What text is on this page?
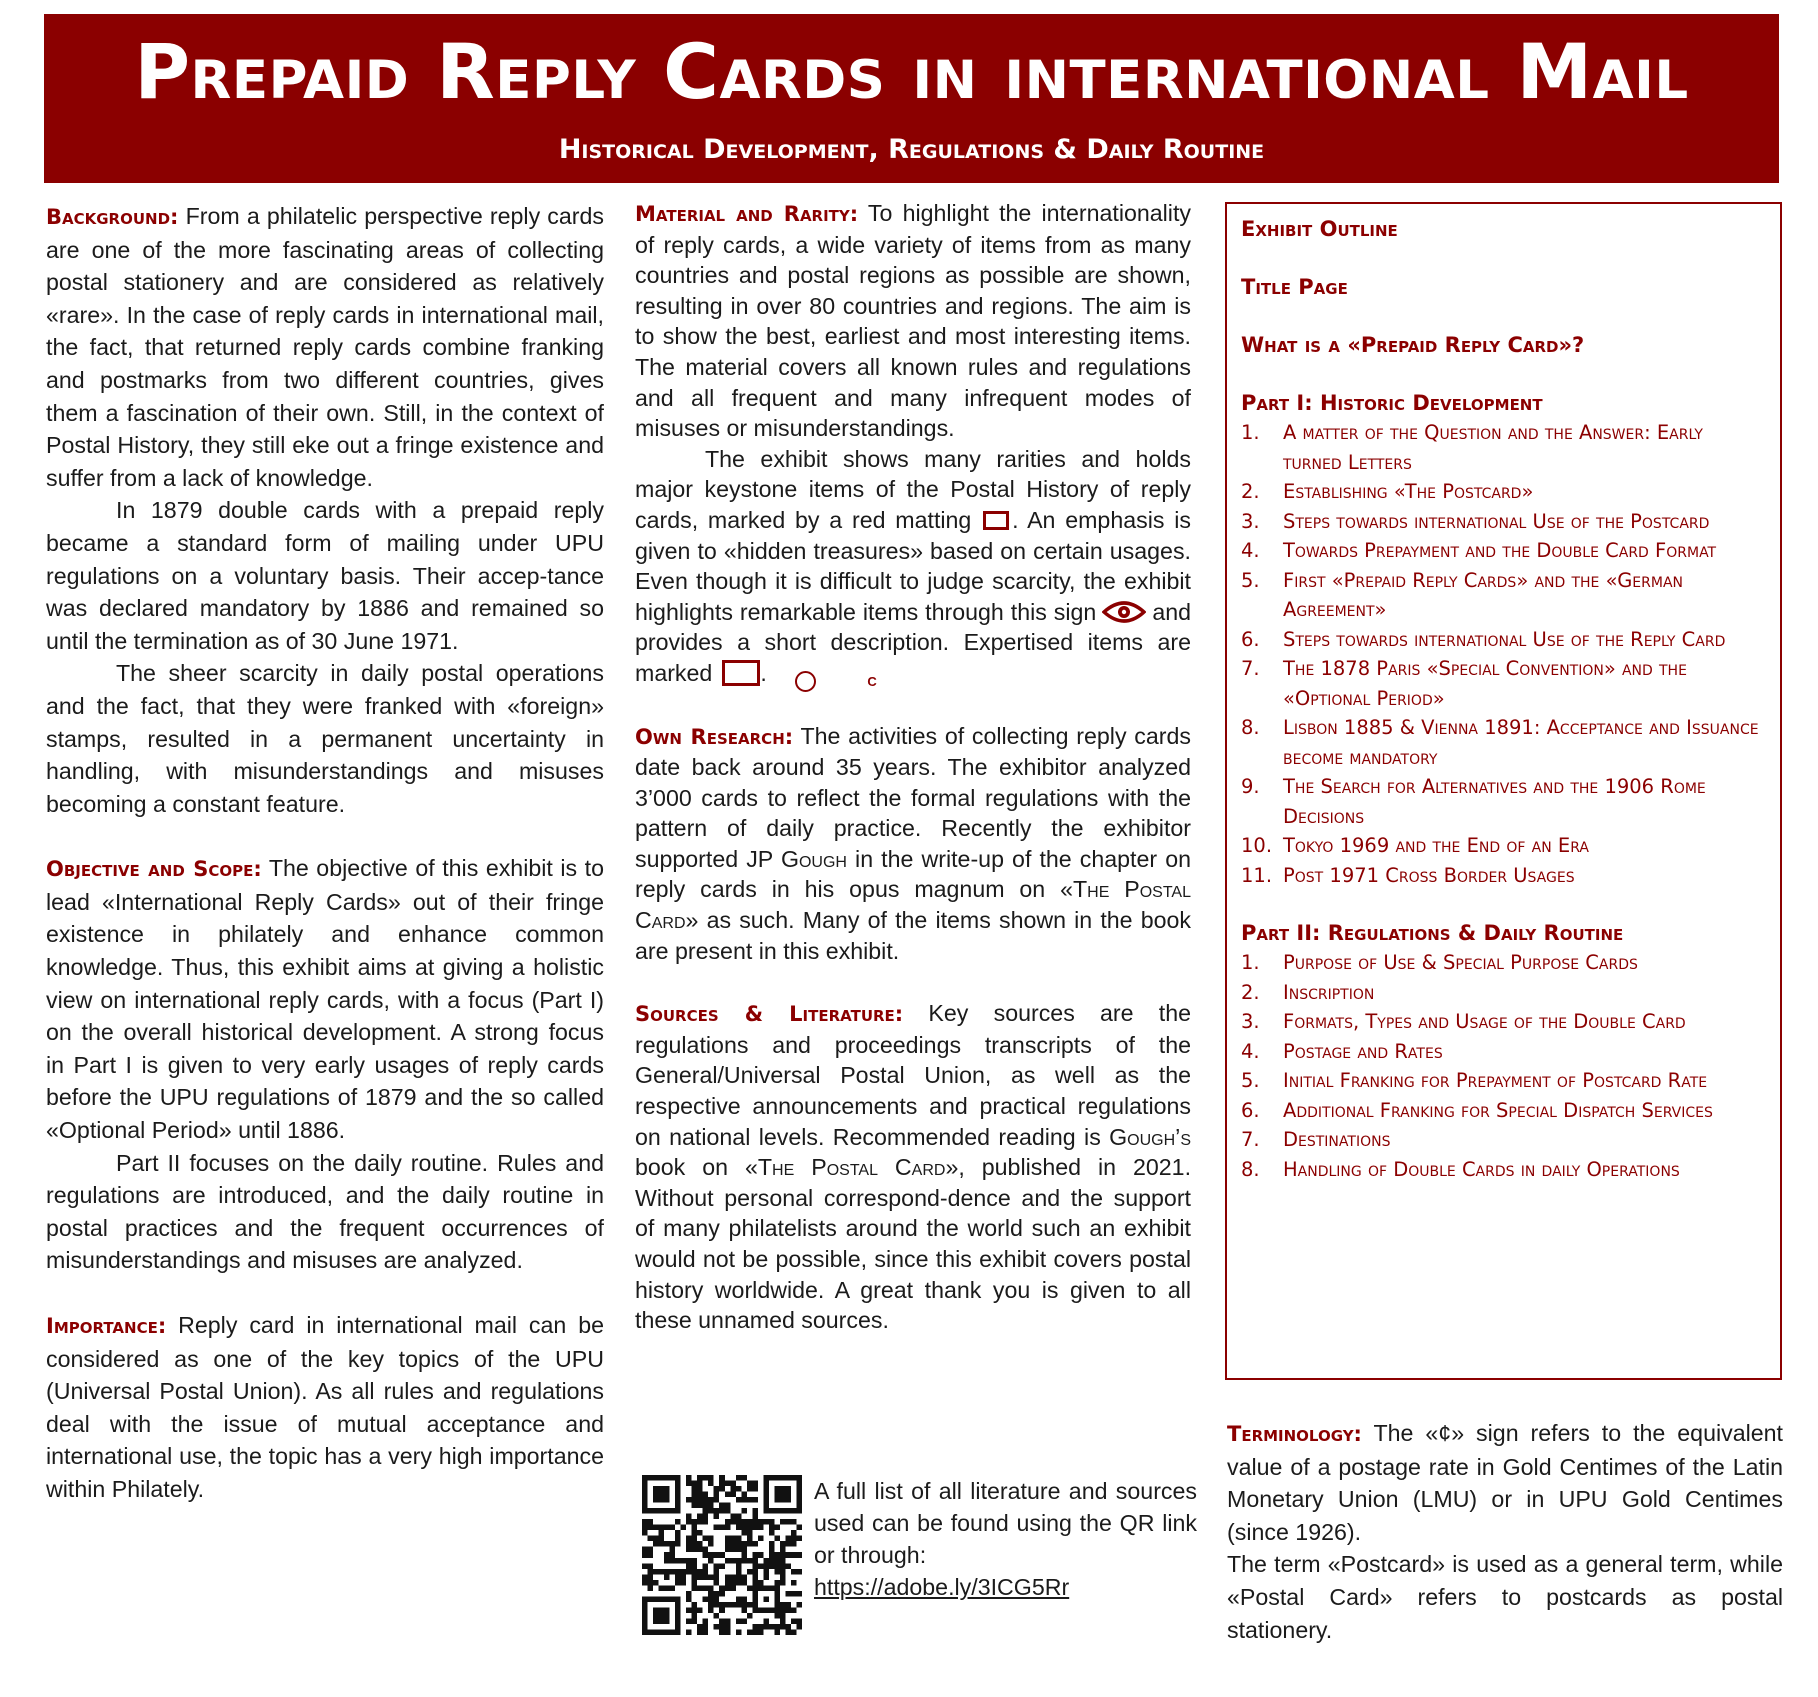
Prepaid Reply Cards in international Mail
Historical Development, Regulations & Daily Routine

Background: From a philatelic perspective reply cards are one of the more fascinating areas of collecting postal stationery and are considered as relatively «rare». In the case of reply cards in international mail, the fact, that returned reply cards combine franking and postmarks from two different countries, gives them a fascination of their own. Still, in the context of Postal History, they still eke out a fringe existence and suffer from a lack of knowledge.

In 1879 double cards with a prepaid reply became a standard form of mailing under UPU regulations on a voluntary basis. Their accep-tance was declared mandatory by 1886 and remained so until the termination as of 30 June 1971.

The sheer scarcity in daily postal operations and the fact, that they were franked with «foreign» stamps, resulted in a permanent uncertainty in handling, with misunderstandings and misuses becoming a constant feature.

Objective and Scope: The objective of this exhibit is to lead «International Reply Cards» out of their fringe existence in philately and enhance common knowledge. Thus, this exhibit aims at giving a holistic view on international reply cards, with a focus (Part I) on the overall historical development. A strong focus in Part I is given to very early usages of reply cards before the UPU regulations of 1879 and the so called «Optional Period» until 1886.

Part II focuses on the daily routine. Rules and regulations are introduced, and the daily routine in postal practices and the frequent occurrences of misunderstandings and misuses are analyzed.

Importance: Reply card in international mail can be considered as one of the key topics of the UPU (Universal Postal Union). As all rules and regulations deal with the issue of mutual acceptance and international use, the topic has a very high importance within Philately.

Material and Rarity: To highlight the internationality of reply cards, a wide variety of items from as many countries and postal regions as possible are shown, resulting in over 80 countries and regions. The aim is to show the best, earliest and most interesting items. The material covers all known rules and regulations and all frequent and many infrequent modes of misuses or misunderstandings.

The exhibit shows many rarities and holds major keystone items of the Postal History of reply cards, marked by a red matting . An emphasis is given to «hidden treasures» based on certain usages. Even though it is difficult to judge scarcity, the exhibit highlights remarkable items through this sign and provides a short description. Expertised items are marked	C.

Own Research: The activities of collecting reply cards date back around 35 years. The exhibitor analyzed 3’000 cards to reflect the formal regulations with the pattern of daily practice. Recently the exhibitor supported JP Gough in the write-up of the chapter on reply cards in his opus magnum on «The Postal Card» as such. Many of the items shown in the book are present in this exhibit.

Sources & Literature: Key sources are the regulations and proceedings transcripts of the General/Universal Postal Union, as well as the respective announcements and practical regulations on national levels. Recommended reading is Gough’s book on «The Postal Card», published in 2021. Without personal correspond-dence and the support of many philatelists around the world such an exhibit would not be possible, since this exhibit covers postal history worldwide. A great thank you is given to all these unnamed sources.

A full list of all literature and sources used can be found using the QR link or through:
https://adobe.ly/3ICG5Rr
Exhibit Outline
Title Page
What is a «Prepaid Reply Card»?
Part I: Historic Development
1. A matter of the Question and the Answer: Early turned Letters
2. Establishing «The Postcard»
3. Steps towards international Use of the Postcard
4. Towards Prepayment and the Double Card Format
5. First «Prepaid Reply Cards» and the «German Agreement»
6. Steps towards international Use of the Reply Card
7. The 1878 Paris «Special Convention» and the «Optional Period»
8. Lisbon 1885 & Vienna 1891: Acceptance and Issuance become mandatory
9. The Search for Alternatives and the 1906 Rome Decisions
10. Tokyo 1969 and the End of an Era
11. Post 1971 Cross Border Usages
Part II: Regulations & Daily Routine
1. Purpose of Use & Special Purpose Cards
2. Inscription
3. Formats, Types and Usage of the Double Card
4. Postage and Rates
5. Initial Franking for Prepayment of Postcard Rate
6. Additional Franking for Special Dispatch Services
7. Destinations
8. Handling of Double Cards in daily Operations

Terminology: The «¢» sign refers to the equivalent value of a postage rate in Gold Centimes of the Latin Monetary Union (LMU) or in UPU Gold Centimes (since 1926).

The term «Postcard» is used as a general term, while «Postal Card» refers to postcards as postal stationery.
